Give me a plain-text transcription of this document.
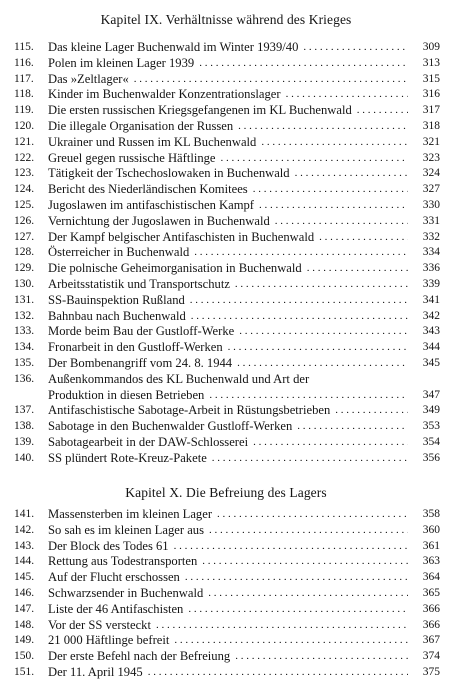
Kapitel IX. Verhältnisse während des Krieges
115.	Das kleine Lager Buchenwald im Winter 1939/40 . . .	309
116.	Polen im kleinen Lager 1939 . . .	313
117.	Das »Zeltlager« . . .	315
118.	Kinder im Buchenwalder Konzentrationslager . . .	316
119.	Die ersten russischen Kriegsgefangenen im KL Buchenwald . . .	317
120.	Die illegale Organisation der Russen . . .	318
121.	Ukrainer und Russen im KL Buchenwald . . .	321
122.	Greuel gegen russische Häftlinge . . .	323
123.	Tätigkeit der Tschechoslowaken in Buchenwald . . .	324
124.	Bericht des Niederländischen Komitees . . .	327
125.	Jugoslawen im antifaschistischen Kampf . . .	330
126.	Vernichtung der Jugoslawen in Buchenwald . . .	331
127.	Der Kampf belgischer Antifaschisten in Buchenwald . . .	332
128.	Österreicher in Buchenwald . . .	334
129.	Die polnische Geheimorganisation in Buchenwald . . .	336
130.	Arbeitsstatistik und Transportschutz . . .	339
131.	SS-Bauinspektion Rußland . . .	341
132.	Bahnbau nach Buchenwald . . .	342
133.	Morde beim Bau der Gustloff-Werke . . .	343
134.	Fronarbeit in den Gustloff-Werken . . .	344
135.	Der Bombenangriff vom 24. 8. 1944 . . .	345
136.	Außenkommandos des KL Buchenwald und Art der
Produktion in diesen Betrieben . . .	347
137.	Antifaschistische Sabotage-Arbeit in Rüstungsbetrieben . . .	349
138.	Sabotage in den Buchenwalder Gustloff-Werken . . .	353
139.	Sabotagearbeit in der DAW-Schlosserei . . .	354
140.	SS plündert Rote-Kreuz-Pakete . . .	356
Kapitel X. Die Befreiung des Lagers
141.	Massensterben im kleinen Lager . . .	358
142.	So sah es im kleinen Lager aus . . .	360
143.	Der Block des Todes 61 . . .	361
144.	Rettung aus Todestransporten . . .	363
145.	Auf der Flucht erschossen . . .	364
146.	Schwarzsender in Buchenwald . . .	365
147.	Liste der 46 Antifaschisten . . .	366
148.	Vor der SS versteckt . . .	366
149.	21 000 Häftlinge befreit . . .	367
150.	Der erste Befehl nach der Befreiung . . .	374
151.	Der 11. April 1945 . . .	375
